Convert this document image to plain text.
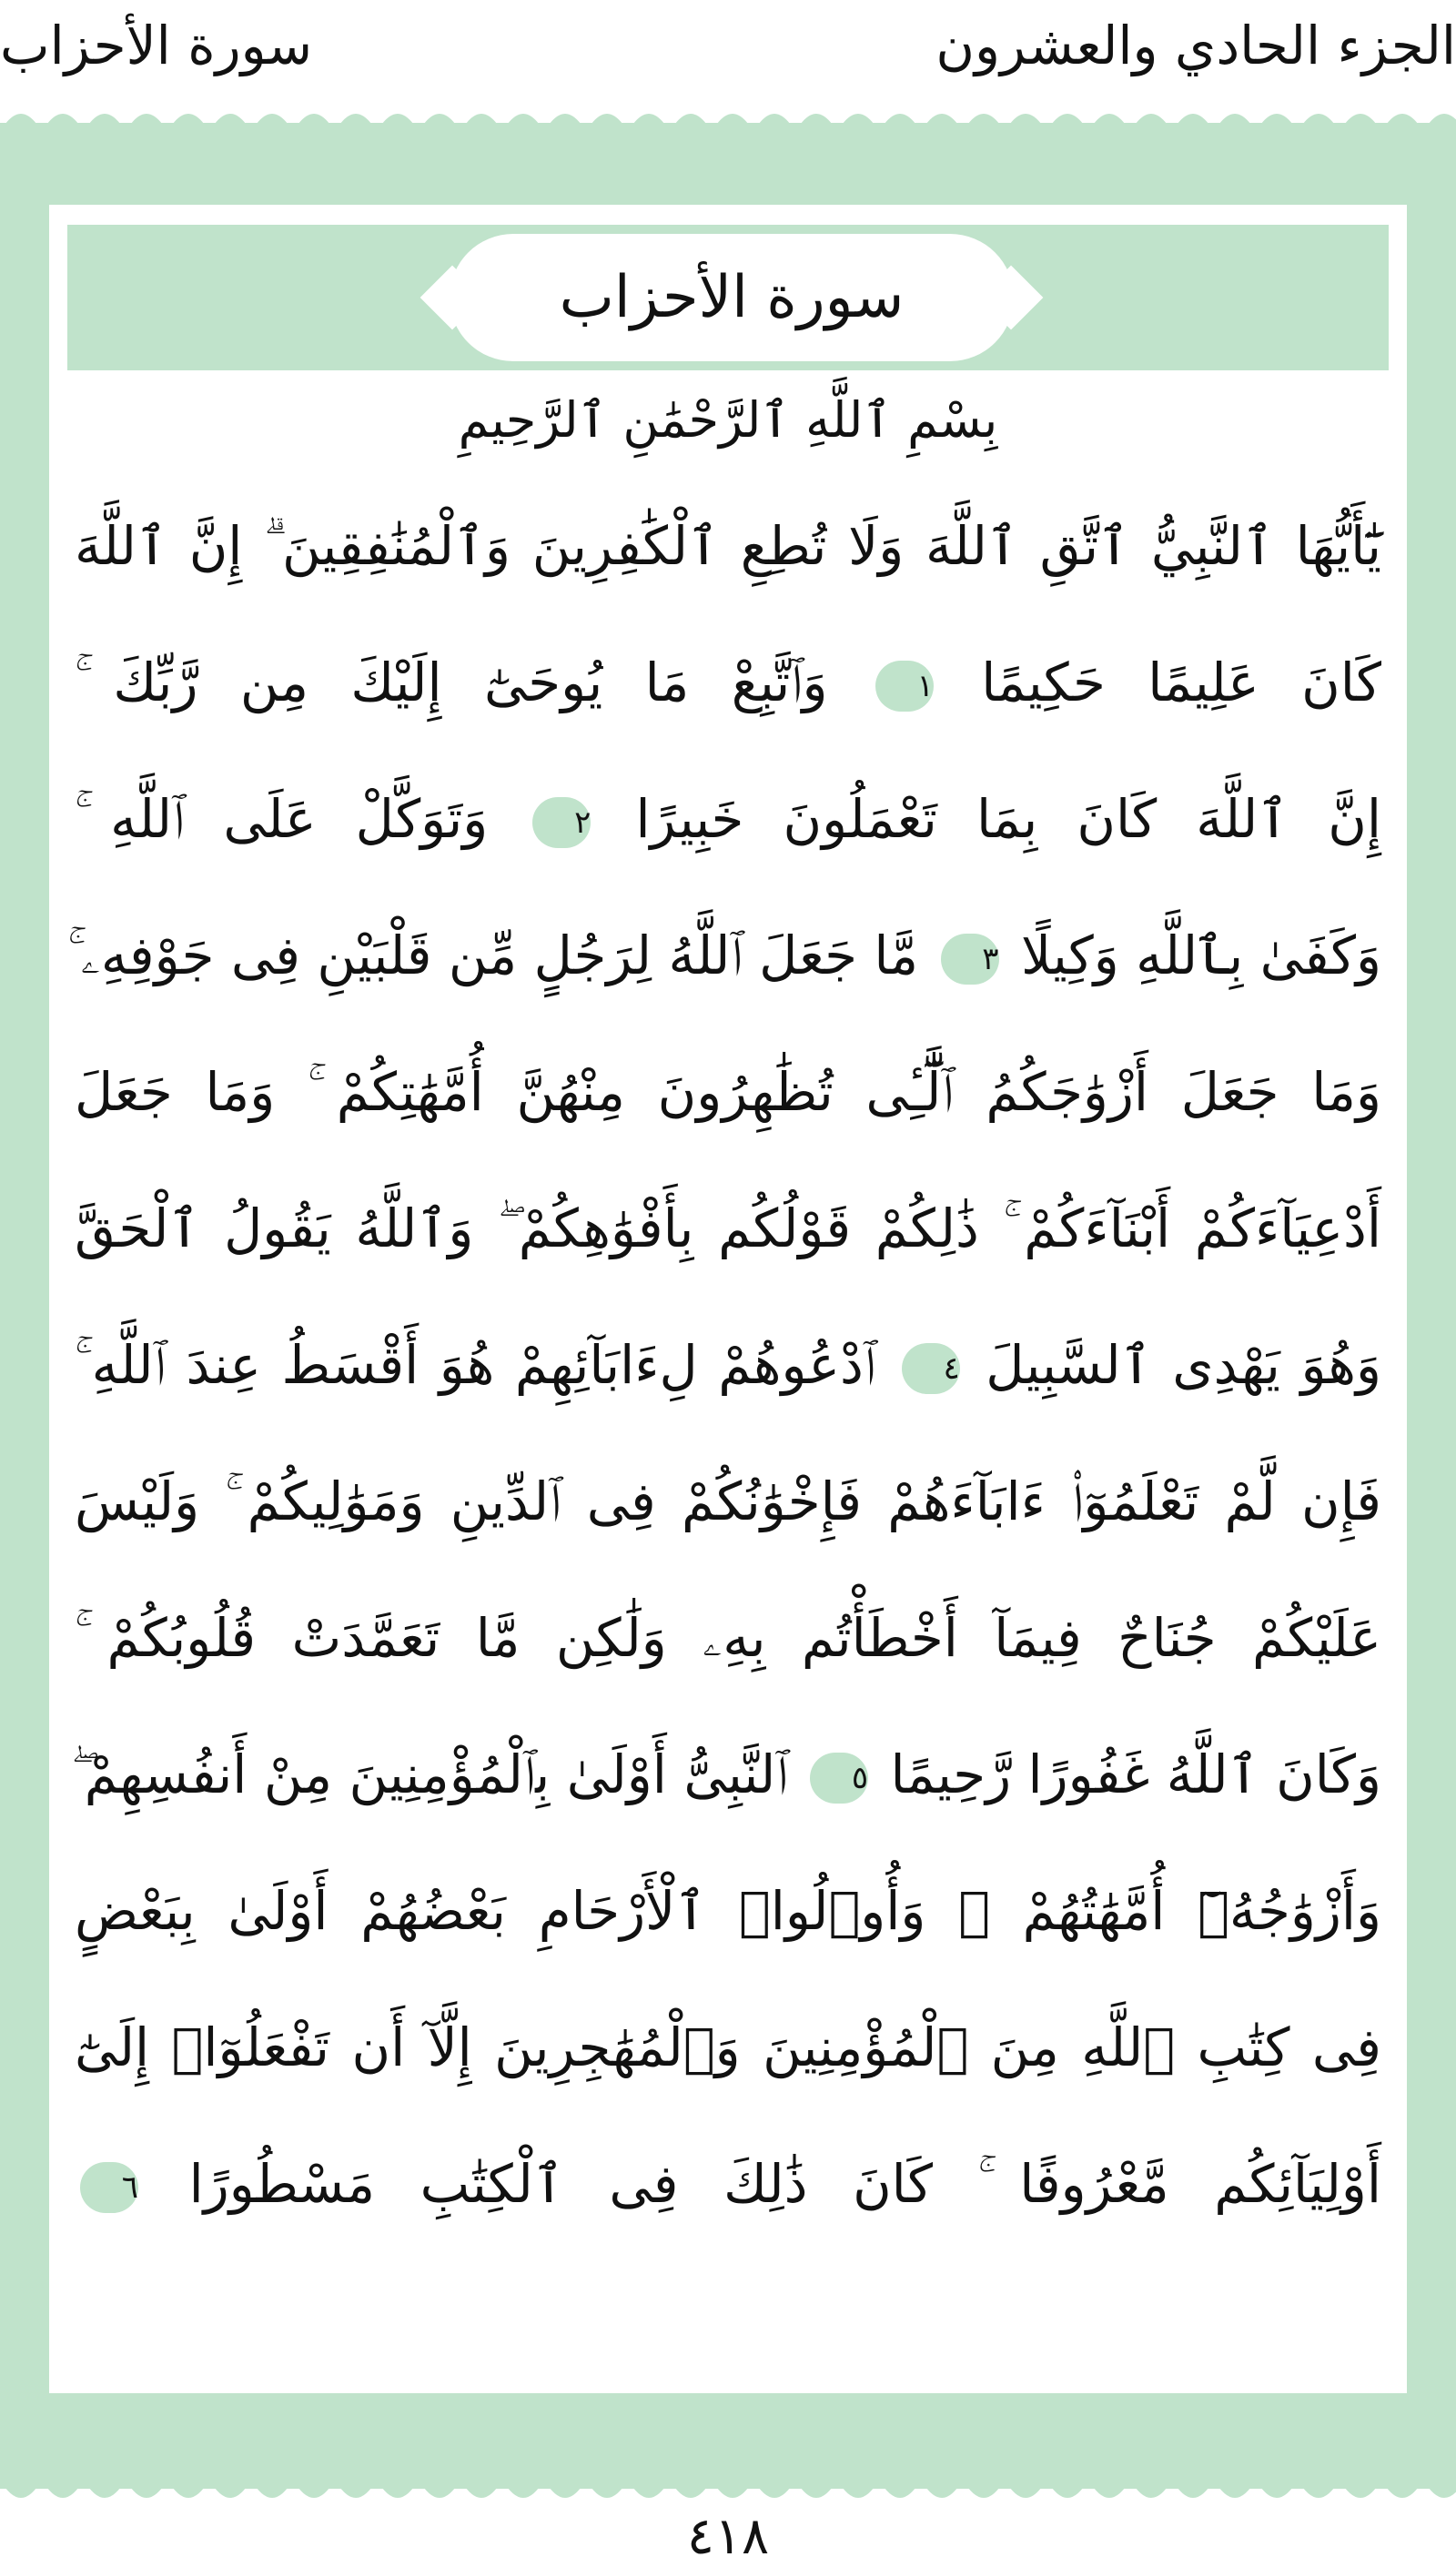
الجزء الحادي والعشرون
سورة الأحزاب
سورة الأحزاب
بِسْمِ ٱللَّهِ ٱلرَّحْمَٰنِ ٱلرَّحِيمِ
يَٰٓأَيُّهَا ٱلنَّبِيُّ ٱتَّقِ ٱللَّهَ وَلَا تُطِعِ ٱلْكَٰفِرِينَ وَٱلْمُنَٰفِقِينَ ۗ إِنَّ ٱللَّهَ
كَانَ عَلِيمًا حَكِيمًا ١ وَٱتَّبِعْ مَا يُوحَىٰٓ إِلَيْكَ مِن رَّبِّكَ ۚ
إِنَّ ٱللَّهَ كَانَ بِمَا تَعْمَلُونَ خَبِيرًا ٢ وَتَوَكَّلْ عَلَى ٱللَّهِ ۚ
وَكَفَىٰ بِٱللَّهِ وَكِيلًا ٣ مَّا جَعَلَ ٱللَّهُ لِرَجُلٍ مِّن قَلْبَيْنِ فِى جَوْفِهِۦ ۚ
وَمَا جَعَلَ أَزْوَٰجَكُمُ ٱلَّٰٓـِٔى تُظَٰهِرُونَ مِنْهُنَّ أُمَّهَٰتِكُمْ ۚ وَمَا جَعَلَ
أَدْعِيَآءَكُمْ أَبْنَآءَكُمْ ۚ ذَٰلِكُمْ قَوْلُكُم بِأَفْوَٰهِكُمْ ۖ وَٱللَّهُ يَقُولُ ٱلْحَقَّ
وَهُوَ يَهْدِى ٱلسَّبِيلَ ٤ ٱدْعُوهُمْ لِءَابَآئِهِمْ هُوَ أَقْسَطُ عِندَ ٱللَّهِ ۚ
فَإِن لَّمْ تَعْلَمُوٓا۟ ءَابَآءَهُمْ فَإِخْوَٰنُكُمْ فِى ٱلدِّينِ وَمَوَٰلِيكُمْ ۚ وَلَيْسَ
عَلَيْكُمْ جُنَاحٌ فِيمَآ أَخْطَأْتُم بِهِۦ وَلَٰكِن مَّا تَعَمَّدَتْ قُلُوبُكُمْ ۚ
وَكَانَ ٱللَّهُ غَفُورًا رَّحِيمًا ٥ ٱلنَّبِىُّ أَوْلَىٰ بِٱلْمُؤْمِنِينَ مِنْ أَنفُسِهِمْ ۖ
وَأَزْوَٰجُهُۥٓ أُمَّهَٰتُهُمْ ۗ وَأُو۟لُوا۟ ٱلْأَرْحَامِ بَعْضُهُمْ أَوْلَىٰ بِبَعْضٍ
فِى كِتَٰبِ ٱللَّهِ مِنَ ٱلْمُؤْمِنِينَ وَٱلْمُهَٰجِرِينَ إِلَّآ أَن تَفْعَلُوٓا۟ إِلَىٰٓ
أَوْلِيَآئِكُم مَّعْرُوفًا ۚ كَانَ ذَٰلِكَ فِى ٱلْكِتَٰبِ مَسْطُورًا ٦
٤١٨
